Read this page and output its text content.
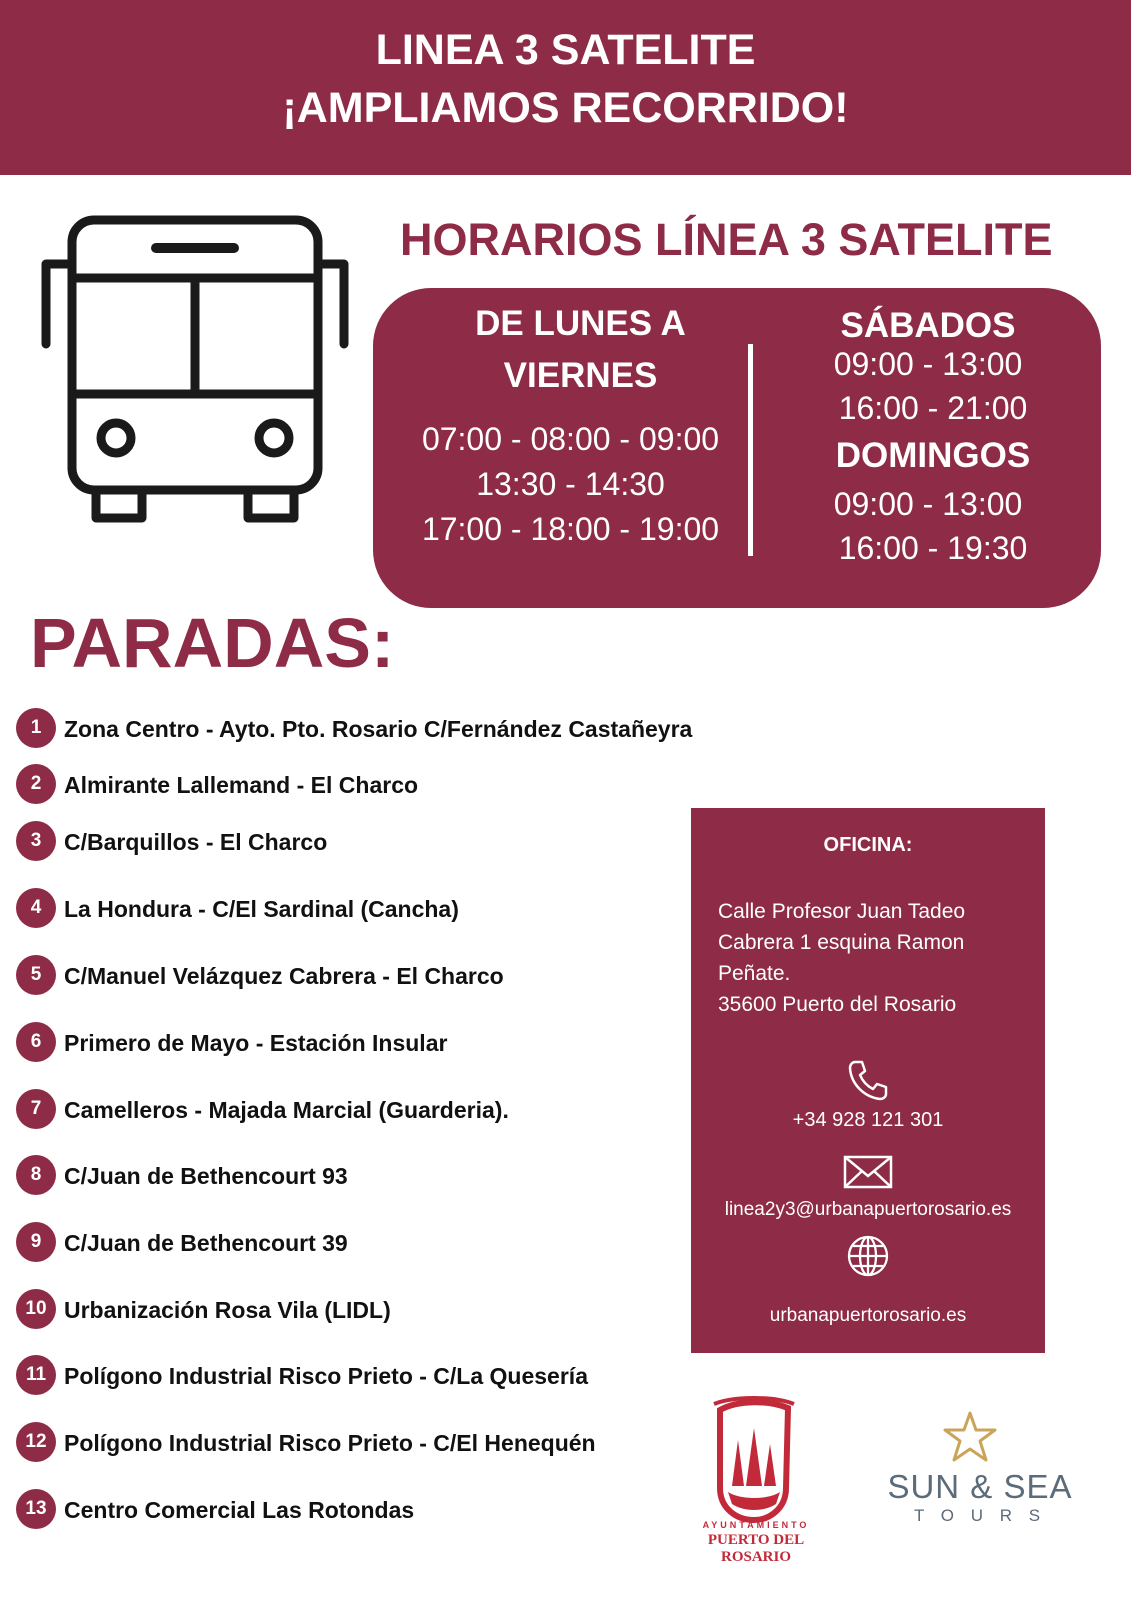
LINEA 3 SATELITE
¡AMPLIAMOS RECORRIDO!
HORARIOS LÍNEA 3 SATELITE
DE LUNES A
VIERNES
07:00 - 08:00 - 09:00
13:30 - 14:30
17:00 - 18:00 - 19:00
SÁBADOS
09:00 - 13:00
16:00 - 21:00
DOMINGOS
09:00 - 13:00
16:00 - 19:30
PARADAS:
1 Zona Centro - Ayto. Pto. Rosario C/Fernández Castañeyra
2 Almirante Lallemand - El Charco
3 C/Barquillos - El Charco
4 La Hondura - C/El Sardinal (Cancha)
5 C/Manuel Velázquez Cabrera - El Charco
6 Primero de Mayo - Estación Insular
7 Camelleros - Majada Marcial (Guarderia).
8 C/Juan de Bethencourt 93
9 C/Juan de Bethencourt 39
10 Urbanización Rosa Vila (LIDL)
11 Polígono Industrial Risco Prieto - C/La Quesería
12 Polígono Industrial Risco Prieto - C/El Henequén
13 Centro Comercial Las Rotondas
OFICINA:
Calle Profesor Juan Tadeo
Cabrera 1 esquina Ramon
Peñate.
35600 Puerto del Rosario
+34 928 121 301
linea2y3@urbanapuertorosario.es
urbanapuertorosario.es
AYUNTAMIENTO
PUERTO DEL ROSARIO
SUN & SEA
T O U R S
